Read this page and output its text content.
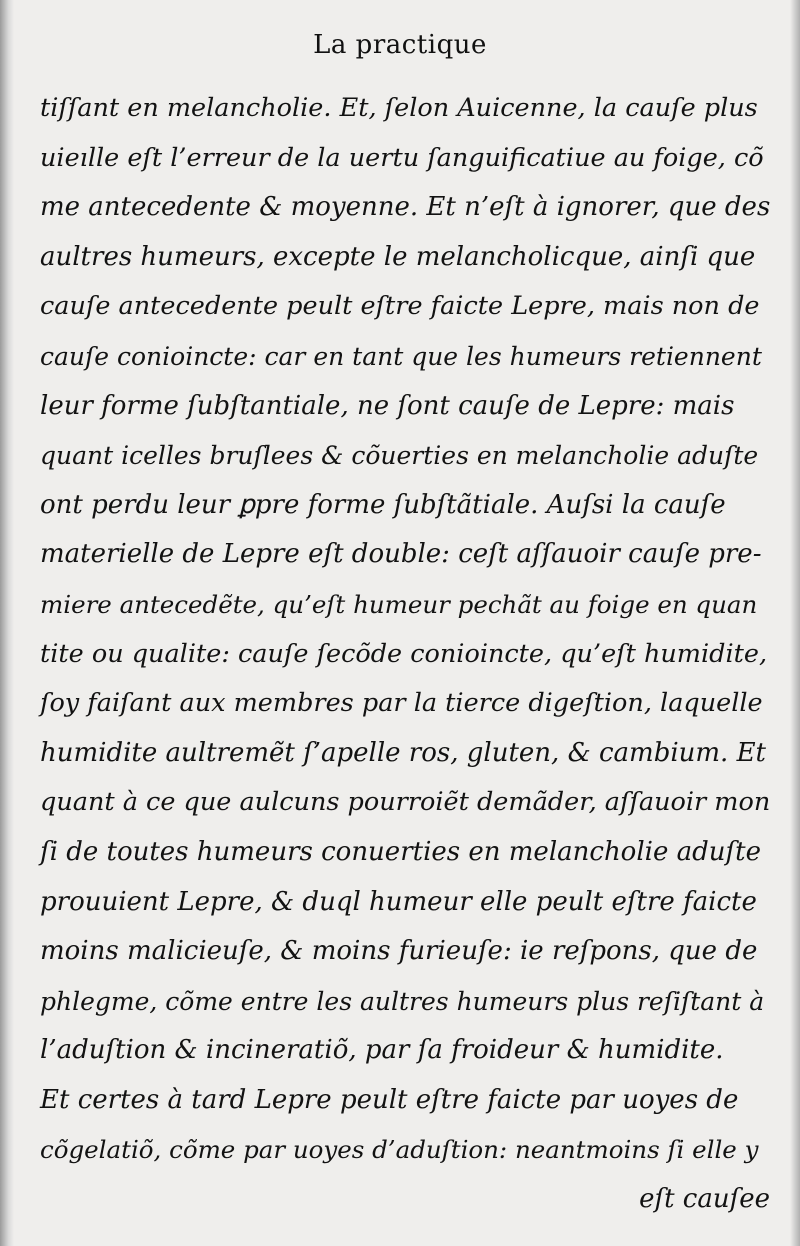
La practique
tiſſant en melancholie. Et, ſelon Auicenne, la cauſe plus
uieılle eſt l’erreur de la uertu ſanguificatiue au foige, cõ
me antecedente & moyenne. Et n’eſt à ignorer, que des
aultres humeurs, excepte le melancholicque, ainſi que
cauſe antecedente peult eſtre faicte Lepre, mais non de
cauſe conioincte: car en tant que les humeurs retiennent
leur forme ſubſtantiale, ne ſont cauſe de Lepre: mais
quant icelles bruſlees & cõuerties en melancholie aduſte
ont perdu leur ꝑpre forme ſubſtãtiale. Auſsi la cauſe
materielle de Lepre eſt double: ceſt aſſauoir cauſe pre-
miere antecedẽte, qu’eſt humeur pechãt au foige en quan
tite ou qualite: cauſe ſecõde conioincte, qu’eſt humidite,
ſoy faiſant aux membres par la tierce digeſtion, laquelle
humidite aultremẽt ſ’apelle ros, gluten, & cambium. Et
quant à ce que aulcuns pourroiẽt demãder, aſſauoir mon
ſi de toutes humeurs conuerties en melancholie aduſte
prouuient Lepre, & duql humeur elle peult eſtre faicte
moins malicieuſe, & moins furieuſe: ie reſpons, que de
phlegme, cõme entre les aultres humeurs plus reſiſtant à
l’aduſtion & incineratiõ, par ſa froideur & humidite.
Et certes à tard Lepre peult eſtre faicte par uoyes de
cõgelatiõ, cõme par uoyes d’aduſtion: neantmoins ſi elle y
eſt cauſee
